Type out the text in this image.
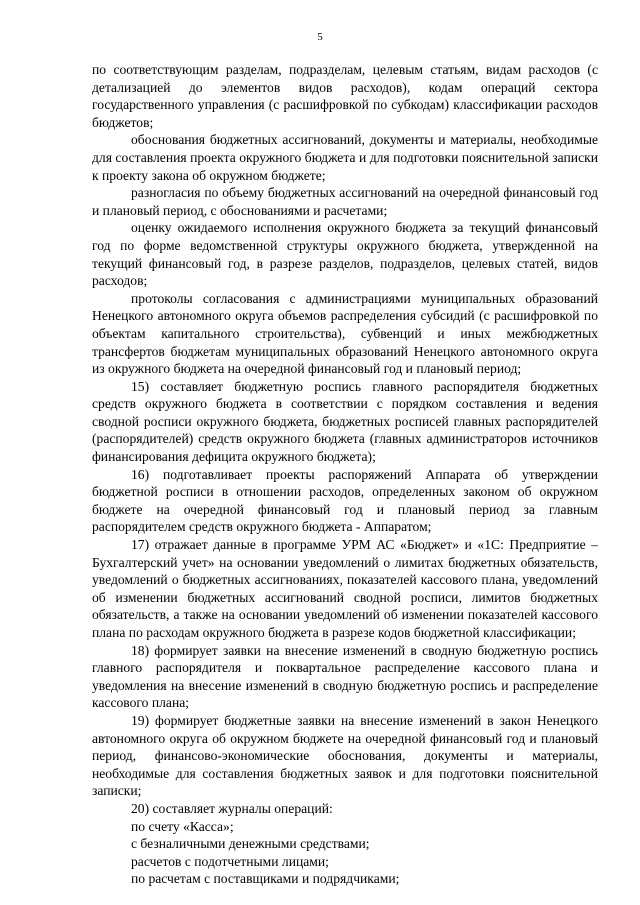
5

по соответствующим разделам, подразделам, целевым статьям, видам расходов (с детализацией до элементов видов расходов), кодам операций сектора государственного управления (с расшифровкой по субкодам) классификации расходов бюджетов;

обоснования бюджетных ассигнований, документы и материалы, необходимые для составления проекта окружного бюджета и для подготовки пояснительной записки к проекту закона об окружном бюджете;

разногласия по объему бюджетных ассигнований на очередной финансовый год и плановый период, с обоснованиями и расчетами;

оценку ожидаемого исполнения окружного бюджета за текущий финансовый год по форме ведомственной структуры окружного бюджета, утвержденной на текущий финансовый год, в разрезе разделов, подразделов, целевых статей, видов расходов;

протоколы согласования с администрациями муниципальных образований Ненецкого автономного округа объемов распределения субсидий (с расшифровкой по объектам капитального строительства), субвенций и иных межбюджетных трансфертов бюджетам муниципальных образований Ненецкого автономного округа из окружного бюджета на очередной финансовый год и плановый период;

15) составляет бюджетную роспись главного распорядителя бюджетных средств окружного бюджета в соответствии с порядком составления и ведения сводной росписи окружного бюджета, бюджетных росписей главных распорядителей (распорядителей) средств окружного бюджета (главных администраторов источников финансирования дефицита окружного бюджета);

16) подготавливает проекты распоряжений Аппарата об утверждении бюджетной росписи в отношении расходов, определенных законом об окружном бюджете на очередной финансовый год и плановый период за главным распорядителем средств окружного бюджета - Аппаратом;

17) отражает данные в программе УРМ АС «Бюджет» и «1С: Предприятие – Бухгалтерский учет» на основании уведомлений о лимитах бюджетных обязательств, уведомлений о бюджетных ассигнованиях, показателей кассового плана, уведомлений об изменении бюджетных ассигнований сводной росписи, лимитов бюджетных обязательств, а также на основании уведомлений об изменении показателей кассового плана по расходам окружного бюджета в разрезе кодов бюджетной классификации;

18) формирует заявки на внесение изменений в сводную бюджетную роспись главного распорядителя и поквартальное распределение кассового плана и уведомления на внесение изменений в сводную бюджетную роспись и распределение кассового плана;

19) формирует бюджетные заявки на внесение изменений в закон Ненецкого автономного округа об окружном бюджете на очередной финансовый год и плановый период, финансово-экономические обоснования, документы и материалы, необходимые для составления бюджетных заявок и для подготовки пояснительной записки;

20) составляет журналы операций:

по счету «Касса»;

с безналичными денежными средствами;

расчетов с подотчетными лицами;

по расчетам с поставщиками и подрядчиками;
